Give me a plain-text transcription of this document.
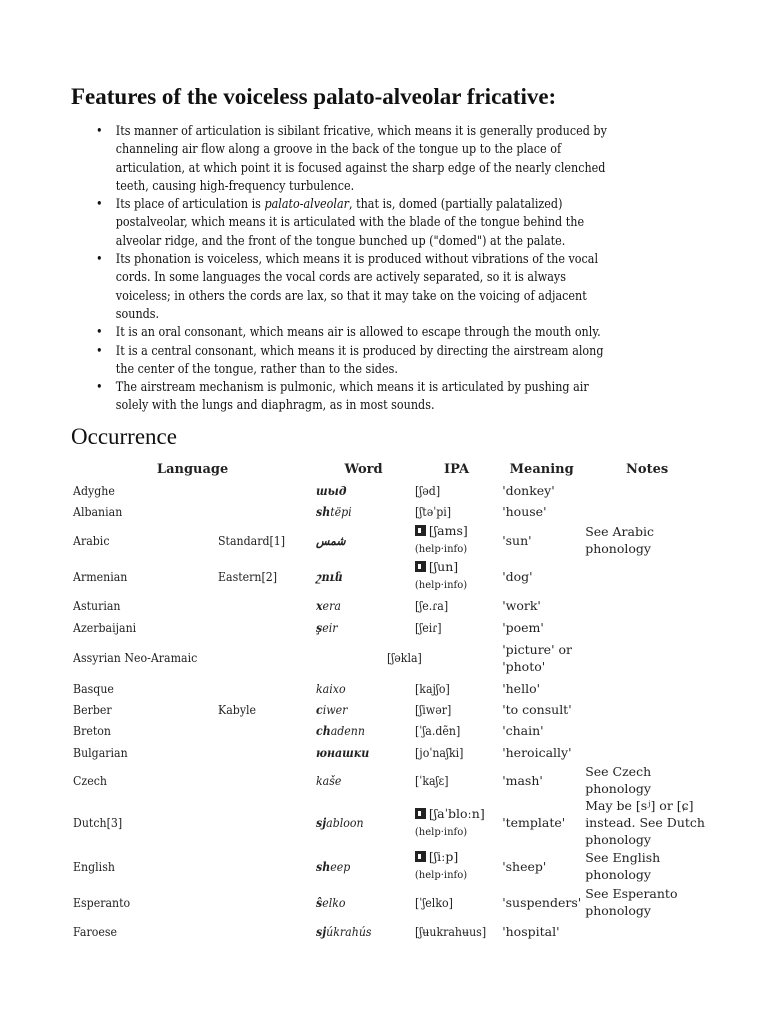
Features of the voiceless palato-alveolar fricative:
• Its manner of articulation is sibilant fricative, which means it is generally produced by channeling air flow along a groove in the back of the tongue up to the place of articulation, at which point it is focused against the sharp edge of the nearly clenched teeth, causing high-frequency turbulence.
• Its place of articulation is palato-alveolar, that is, domed (partially palatalized) postalveolar, which means it is articulated with the blade of the tongue behind the alveolar ridge, and the front of the tongue bunched up ("domed") at the palate.
• Its phonation is voiceless, which means it is produced without vibrations of the vocal cords. In some languages the vocal cords are actively separated, so it is always voiceless; in others the cords are lax, so that it may take on the voicing of adjacent sounds.
• It is an oral consonant, which means air is allowed to escape through the mouth only.
• It is a central consonant, which means it is produced by directing the airstream along the center of the tongue, rather than to the sides.
• The airstream mechanism is pulmonic, which means it is articulated by pushing air solely with the lungs and diaphragm, as in most sounds.
Occurrence
Language		Word	IPA	Meaning	Notes
Adyghe		шыд	[ʃəd]	'donkey'	

Albanian		shtëpi	[ʃtəˈpi]	'house'	

Arabic	Standard[1]	شمس	[ʃams] (help·info)	'sun'	See Arabic phonology

Armenian	Eastern[2]	շուն	[ʃun] (help·info)	'dog'	

Asturian		xera	[ʃe.ɾa]	'work'	

Azerbaijani		şeir	[ʃeiɾ]	'poem'	

Assyrian Neo-Aramaic		[ʃəkla]		'picture' or 'photo'	

Basque		kaixo	[kajʃo]	'hello'	

Berber	Kabyle	ciwer	[ʃiwər]	'to consult'	

Breton		chadenn	[ˈʃa.dẽn]	'chain'	

Bulgarian		юнашки	[joˈnaʃki]	'heroically'	

Czech		kaše	[ˈkaʃɛ]	'mash'	See Czech phonology

Dutch[3]		sjabloon	[ʃaˈbloːn] (help·info)	'template'	May be [sʲ] or [ɕ] instead. See Dutch phonology

English		sheep	[ʃiːp] (help·info)	'sheep'	See English phonology

Esperanto		ŝelko	[ˈʃelko]	'suspenders'	See Esperanto phonology

Faroese		sjúkrahús	[ʃʉukrahʉus]	'hospital'	
